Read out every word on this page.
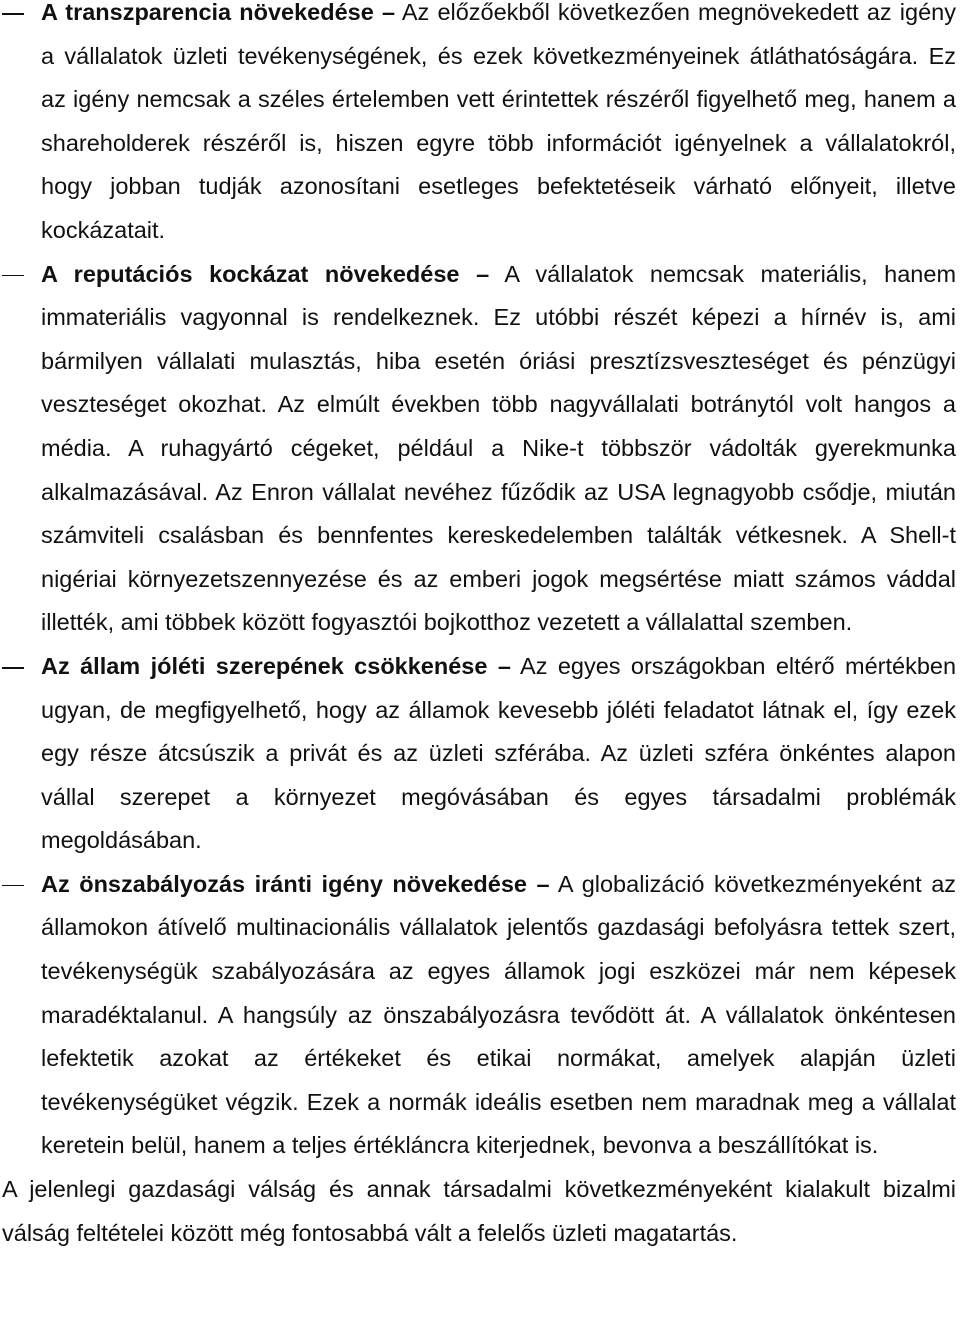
A transzparencia növekedése – Az előzőekből következően megnövekedett az igény a vállalatok üzleti tevékenységének, és ezek következményeinek átláthatóságára. Ez az igény nemcsak a széles értelemben vett érintettek részéről figyelhető meg, hanem a shareholderek részéről is, hiszen egyre több információt igényelnek a vállalatokról, hogy jobban tudják azonosítani esetleges befektetéseik várható előnyeit, illetve kockázatait.

A reputációs kockázat növekedése – A vállalatok nemcsak materiális, hanem immateriális vagyonnal is rendelkeznek. Ez utóbbi részét képezi a hírnév is, ami bármilyen vállalati mulasztás, hiba esetén óriási presztízsveszteséget és pénzügyi veszteséget okozhat. Az elmúlt években több nagyvállalati botránytól volt hangos a média. A ruhagyártó cégeket, például a Nike-t többször vádolták gyerekmunka alkalmazásával. Az Enron vállalat nevéhez fűződik az USA legnagyobb csődje, miután számviteli csalásban és bennfentes kereskedelemben találták vétkesnek. A Shell-t nigériai környezetszennyezése és az emberi jogok megsértése miatt számos váddal illették, ami többek között fogyasztói bojkotthoz vezetett a vállalattal szemben.

Az állam jóléti szerepének csökkenése – Az egyes országokban eltérő mértékben ugyan, de megfigyelhető, hogy az államok kevesebb jóléti feladatot látnak el, így ezek egy része átcsúszik a privát és az üzleti szférába. Az üzleti szféra önkéntes alapon vállal szerepet a környezet megóvásában és egyes társadalmi problémák megoldásában.

Az önszabályozás iránti igény növekedése – A globalizáció következményeként az államokon átívelő multinacionális vállalatok jelentős gazdasági befolyásra tettek szert, tevékenységük szabályozására az egyes államok jogi eszközei már nem képesek maradéktalanul. A hangsúly az önszabályozásra tevődött át. A vállalatok önkéntesen lefektetik azokat az értékeket és etikai normákat, amelyek alapján üzleti tevékenységüket végzik. Ezek a normák ideális esetben nem maradnak meg a vállalat keretein belül, hanem a teljes értékláncra kiterjednek, bevonva a beszállítókat is.

A jelenlegi gazdasági válság és annak társadalmi következményeként kialakult bizalmi válság feltételei között még fontosabbá vált a felelős üzleti magatartás.
